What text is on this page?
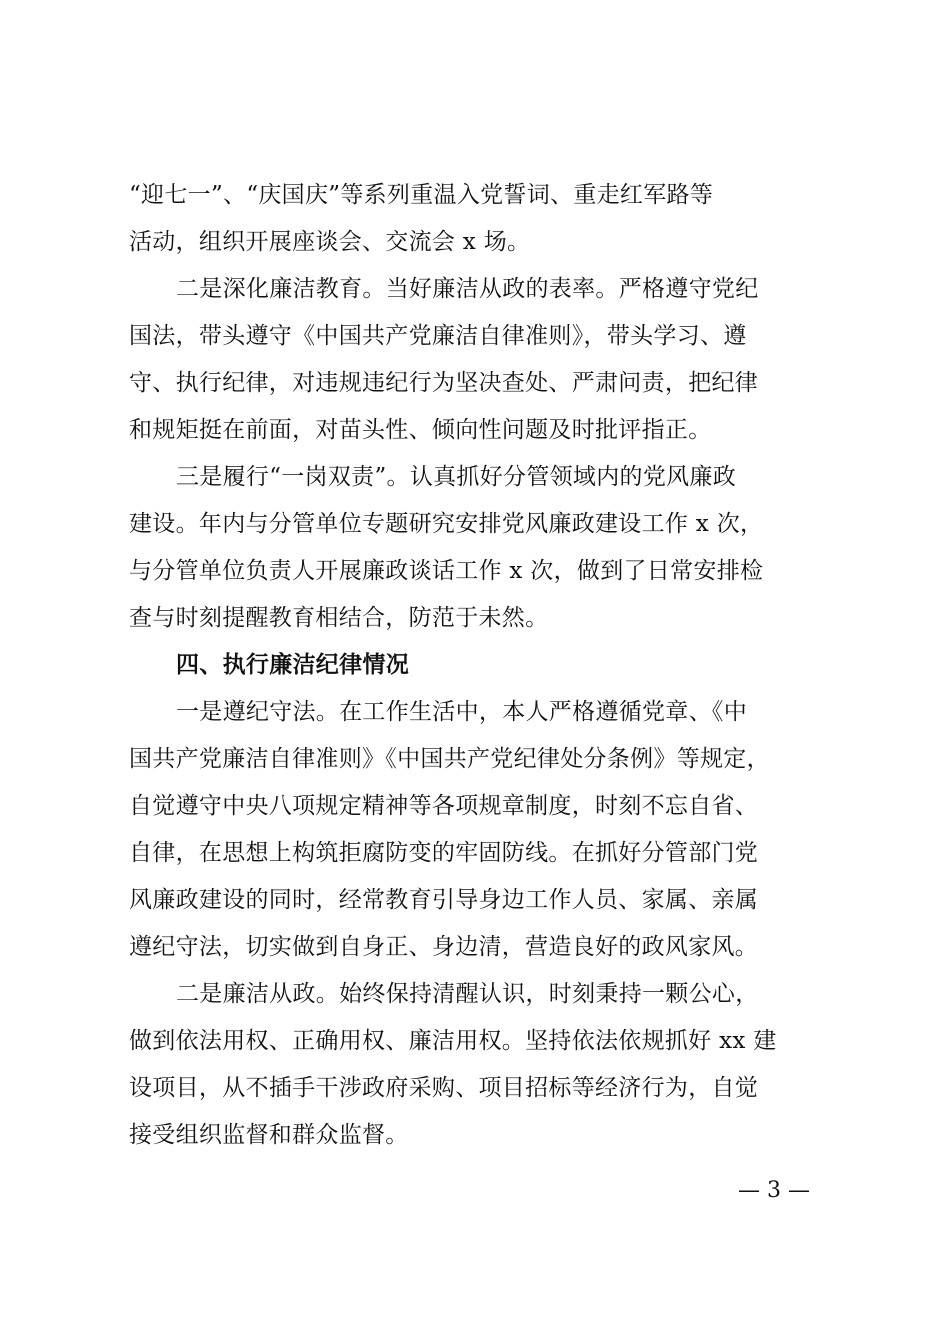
“迎七一”、“庆国庆”等系列重温入党誓词、重走红军路等
活动，组织开展座谈会、交流会 x 场。
二是深化廉洁教育。当好廉洁从政的表率。严格遵守党纪
国法，带头遵守《中国共产党廉洁自律准则》，带头学习、遵
守、执行纪律，对违规违纪行为坚决查处、严肃问责，把纪律
和规矩挺在前面，对苗头性、倾向性问题及时批评指正。
三是履行“一岗双责”。认真抓好分管领域内的党风廉政
建设。年内与分管单位专题研究安排党风廉政建设工作 x 次，
与分管单位负责人开展廉政谈话工作 x 次，做到了日常安排检
查与时刻提醒教育相结合，防范于未然。
四、执行廉洁纪律情况
一是遵纪守法。在工作生活中，本人严格遵循党章、《中
国共产党廉洁自律准则》《中国共产党纪律处分条例》等规定，
自觉遵守中央八项规定精神等各项规章制度，时刻不忘自省、
自律，在思想上构筑拒腐防变的牢固防线。在抓好分管部门党
风廉政建设的同时，经常教育引导身边工作人员、家属、亲属
遵纪守法，切实做到自身正、身边清，营造良好的政风家风。
二是廉洁从政。始终保持清醒认识，时刻秉持一颗公心，
做到依法用权、正确用权、廉洁用权。坚持依法依规抓好 xx 建
设项目，从不插手干涉政府采购、项目招标等经济行为，自觉
接受组织监督和群众监督。
— 3 —
